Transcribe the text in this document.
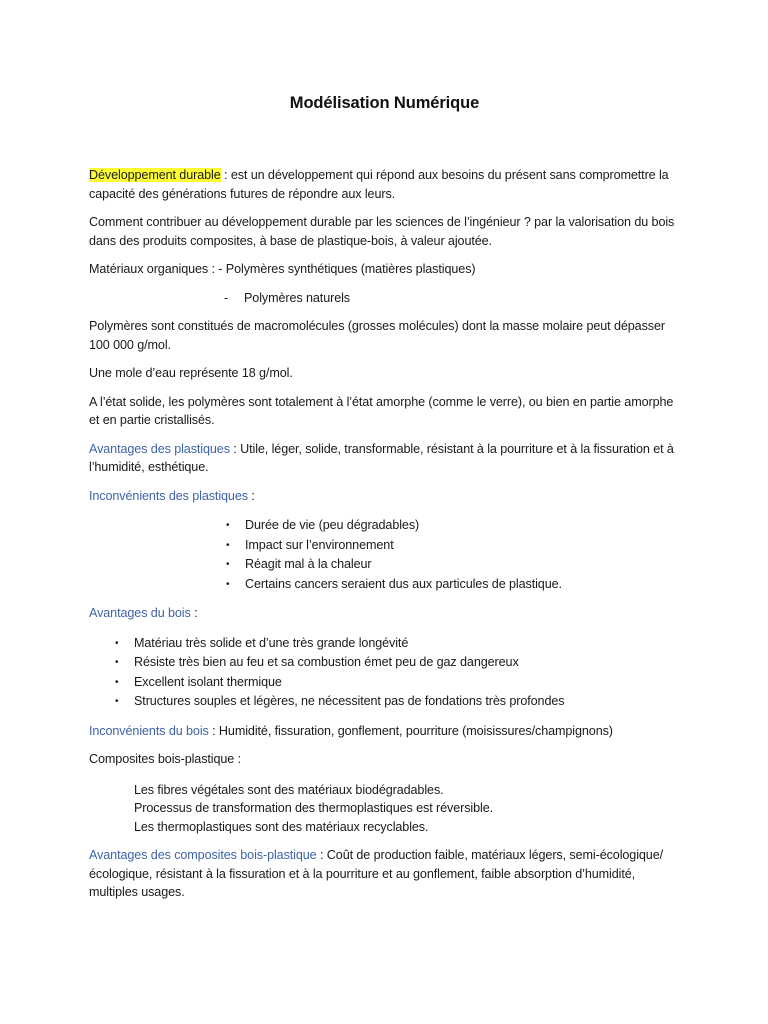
Modélisation Numérique

Développement durable : est un développement qui répond aux besoins du présent sans compromettre la capacité des générations futures de répondre aux leurs.

Comment contribuer au développement durable par les sciences de l’ingénieur ? par la valorisation du bois dans des produits composites, à base de plastique-bois, à valeur ajoutée.

Matériaux organiques : - Polymères synthétiques (matières plastiques)

-	Polymères naturels

Polymères sont constitués de macromolécules (grosses molécules) dont la masse molaire peut dépasser 100 000 g/mol.

Une mole d’eau représente 18 g/mol.

A l’état solide, les polymères sont totalement à l’état amorphe (comme le verre), ou bien en partie amorphe et en partie cristallisés.

Avantages des plastiques : Utile, léger, solide, transformable, résistant à la pourriture et à la fissuration et à l’humidité, esthétique.

Inconvénients des plastiques :

• Durée de vie (peu dégradables)
• Impact sur l’environnement
• Réagit mal à la chaleur
• Certains cancers seraient dus aux particules de plastique.

Avantages du bois :

• Matériau très solide et d’une très grande longévité
• Résiste très bien au feu et sa combustion émet peu de gaz dangereux
• Excellent isolant thermique
• Structures souples et légères, ne nécessitent pas de fondations très profondes

Inconvénients du bois : Humidité, fissuration, gonflement, pourriture (moisissures/champignons)

Composites bois-plastique :

Les fibres végétales sont des matériaux biodégradables.
Processus de transformation des thermoplastiques est réversible.
Les thermoplastiques sont des matériaux recyclables.

Avantages des composites bois-plastique : Coût de production faible, matériaux légers, semi-écologique/écologique, résistant à la fissuration et à la pourriture et au gonflement, faible absorption d’humidité, multiples usages.
